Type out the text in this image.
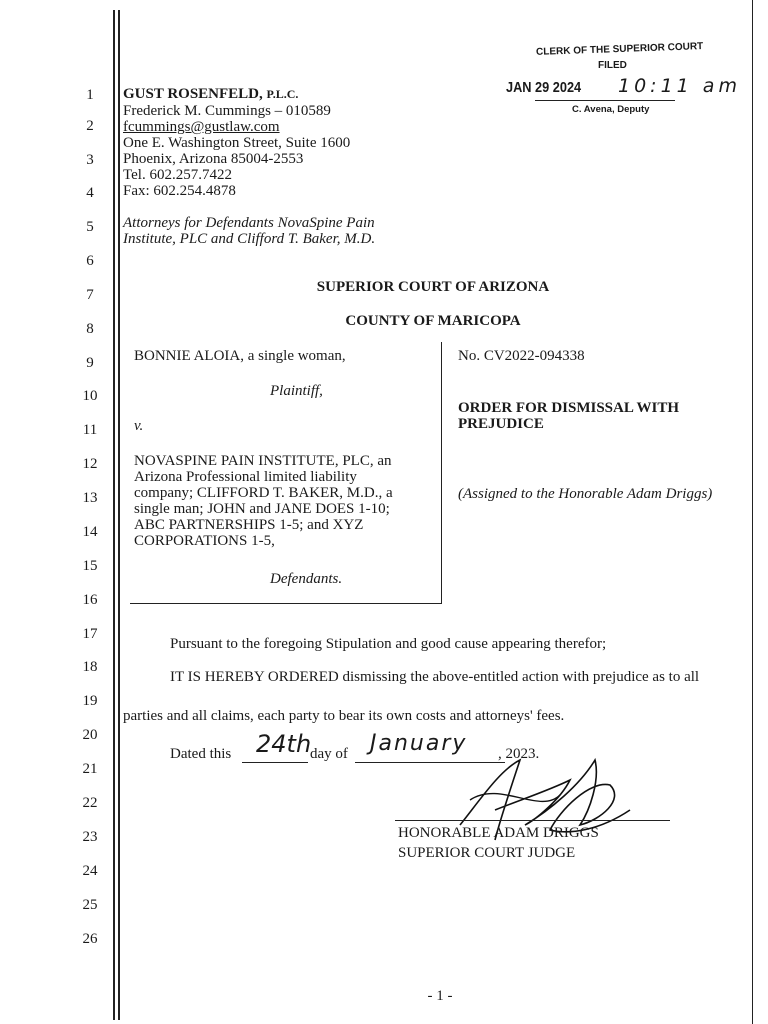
1
2
3
4
5
6
7
8
9
10
11
12
13
14
15
16
17
18
19
20
21
22
23
24
25
26
CLERK OF THE SUPERIOR COURT
FILED
JAN 29 2024 10:11 am
C. Avena, Deputy
GUST ROSENFELD, P.L.C.
Frederick M. Cummings – 010589
fcummings@gustlaw.com
One E. Washington Street, Suite 1600
Phoenix, Arizona 85004-2553
Tel. 602.257.7422
Fax: 602.254.4878
Attorneys for Defendants NovaSpine Pain
Institute, PLC and Clifford T. Baker, M.D.
SUPERIOR COURT OF ARIZONA
COUNTY OF MARICOPA
BONNIE ALOIA, a single woman,
Plaintiff,
v.
NOVASPINE PAIN INSTITUTE, PLC, an
Arizona Professional limited liability
company; CLIFFORD T. BAKER, M.D., a
single man; JOHN and JANE DOES 1-10;
ABC PARTNERSHIPS 1-5; and XYZ
CORPORATIONS 1-5,
Defendants.
No. CV2022-094338
ORDER FOR DISMISSAL WITH
PREJUDICE
(Assigned to the Honorable Adam Driggs)
Pursuant to the foregoing Stipulation and good cause appearing therefor;
IT IS HEREBY ORDERED dismissing the above-entitled action with prejudice as to all
parties and all claims, each party to bear its own costs and attorneys' fees.
Dated this 24th
day of January , 2023.
HONORABLE ADAM DRIGGS
SUPERIOR COURT JUDGE
- 1 -
